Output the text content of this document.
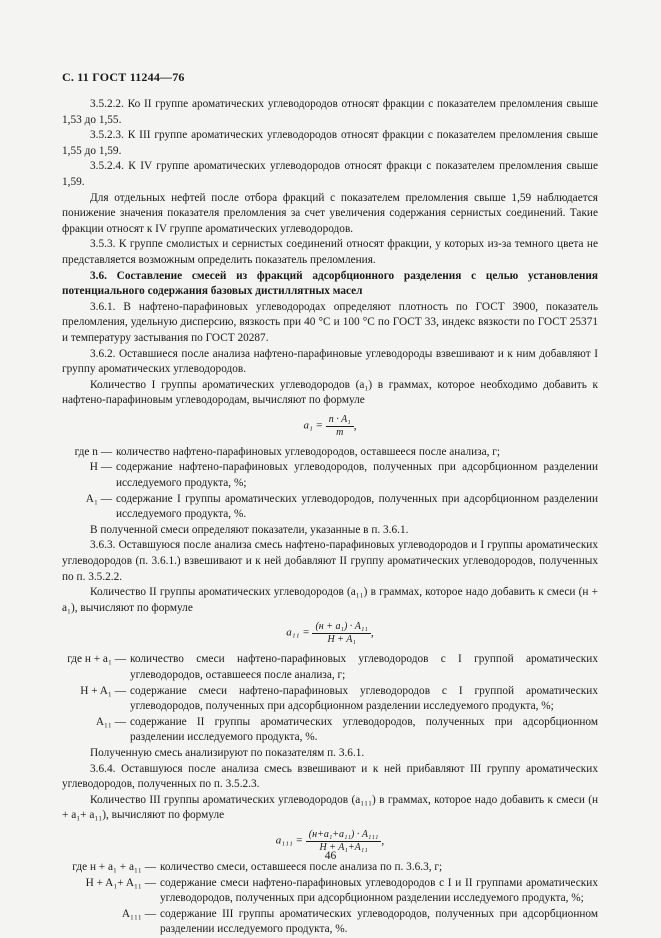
С. 11 ГОСТ 11244—76

3.5.2.2. Ко II группе ароматических углеводородов относят фракции с показателем преломления свыше 1,53 до 1,55.

3.5.2.3. К III группе ароматических углеводородов относят фракции с показателем преломления свыше 1,55 до 1,59.

3.5.2.4. К IV группе ароматических углеводородов относят фракци с показателем преломления свыше 1,59.

Для отдельных нефтей после отбора фракций с показателем преломления свыше 1,59 наблюдается понижение значения показателя преломления за счет увеличения содержания сернистых соединений. Такие фракции относят к IV группе ароматических углеводородов.

3.5.3. К группе смолистых и сернистых соединений относят фракции, у которых из-за темного цвета не представляется возможным определить показатель преломления.

3.6. Составление смесей из фракций адсорбционного разделения с целью установления потенциального содержания базовых дистиллятных масел

3.6.1. В нафтено-парафиновых углеводородах определяют плотность по ГОСТ 3900, показатель преломления, удельную дисперсию, вязкость при 40 °С и 100 °С по ГОСТ 33, индекс вязкости по ГОСТ 25371 и температуру застывания по ГОСТ 20287.

3.6.2. Оставшиеся после анализа нафтено-парафиновые углеводороды взвешивают и к ним добавляют I группу ароматических углеводородов.

Количество I группы ароматических углеводородов (a₁) в граммах, которое необходимо добавить к нафтено-парафиновым углеводородам, вычисляют по формуле

$a_1 = \frac{\text{n · A₁}}{m}$ ,
где n — количество нафтено-парафиновых углеводородов, оставшееся после анализа, г;
H — содержание нафтено-парафиновых углеводородов, полученных при адсорбционном разделении исследуемого продукта, %;
A₁ — содержание I группы ароматических углеводородов, полученных при адсорбционном разделении исследуемого продукта, %.

В полученной смеси определяют показатели, указанные в п. 3.6.1.

3.6.3. Оставшуюся после анализа смесь нафтено-парафиновых углеводородов и I группы ароматических углеводородов (п. 3.6.1.) взвешивают и к ней добавляют II группу ароматических углеводородов, полученных по п. 3.5.2.2.

Количество II группы ароматических углеводородов (a₁₁) в граммах, которое надо добавить к смеси (н + a₁), вычисляют по формуле

$a_{11} = \frac{\text{(н + a₁) · A₁₁}}{\text{H + A₁}}$ ,
где н + a₁ — количество смеси нафтено-парафиновых углеводородов с I группой ароматических углеводородов, оставшееся после анализа, г;
H + A₁ — содержание смеси нафтено-парафиновых углеводородов с I группой ароматических углеводородов, полученных при адсорбционном разделении исследуемого продукта, %;
A₁₁ — содержание II группы ароматических углеводородов, полученных при адсорбционном разделении исследуемого продукта, %.

Полученную смесь анализируют по показателям п. 3.6.1.

3.6.4. Оставшуюся после анализа смесь взвешивают и к ней прибавляют III группу ароматических углеводородов, полученных по п. 3.5.2.3.

Количество III группы ароматических углеводородов (a₁₁₁) в граммах, которое надо добавить к смеси (н + a₁+ a₁₁), вычисляют по формуле

$a_{111} = \frac{\text{(н+a₁+a₁₁) · A₁₁₁}}{\text{H + A₁+A₁₁}}$ ,
где н + a₁ + a₁₁ — количество смеси, оставшееся после анализа по п. 3.6.3, г;
H + A₁+ A₁₁ — содержание смеси нафтено-парафиновых углеводородов с I и II группами ароматических углеводородов, полученных при адсорбционном разделении исследуемого продукта, %;
A₁₁₁ — содержание III группы ароматических углеводородов, полученных при адсорбционном разделении исследуемого продукта, %.
46
